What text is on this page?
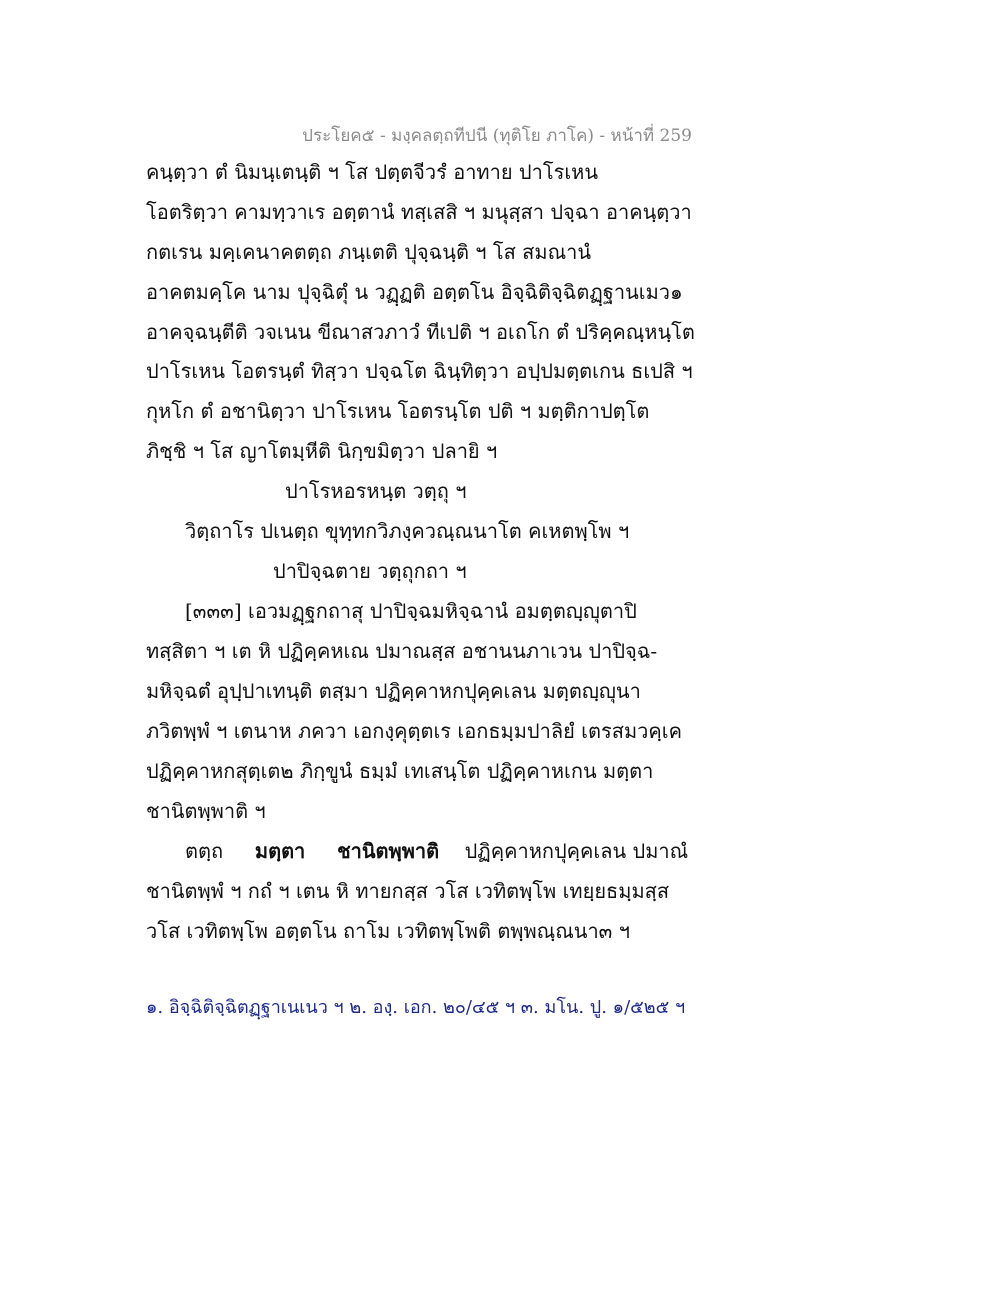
ประโยค๕ - มงฺคลตฺถทีปนี (ทุติโย ภาโค) - หน้าที่ 259
คนฺตฺวา ตํ นิมนฺเตนฺติ ฯ โส ปตฺตจีวรํ อาทาย ปาโรเหน
โอตริตฺวา คามทฺวาเร อตฺตานํ ทสฺเสสิ ฯ มนุสฺสา ปจฺฉา อาคนฺตฺวา
กตเรน มคฺเคนาคตตฺถ ภนฺเตติ ปุจฺฉนฺติ ฯ โส สมณานํ
อาคตมคฺโค นาม ปุจฺฉิตุํ น วฏฺฏติ อตฺตโน อิจฺฉิติจฺฉิตฏฺฐานเมว๑
อาคจฺฉนฺตีติ วจเนน ขีณาสวภาวํ ทีเปติ ฯ อเถโก ตํ ปริคฺคณฺหนฺโต
ปาโรเหน โอตรนฺตํ ทิสฺวา ปจฺฉโต ฉินฺทิตฺวา อปฺปมตฺตเกน ธเปสิ ฯ
กุหโก ตํ อชานิตฺวา ปาโรเหน โอตรนฺโต ปติ ฯ มตฺติกาปตฺโต
ภิชฺชิ ฯ โส ญาโตมฺหีติ นิกฺขมิตฺวา ปลายิ ฯ
ปาโรหอรหนฺต วตฺถุ ฯ
วิตฺถาโร ปเนตฺถ ขุทฺทกวิภงฺควณฺณนาโต คเหตพฺโพ ฯ
ปาปิจฺฉตาย วตฺถุกถา ฯ
[๓๓๓] เอวมฏฺฐกถาสุ ปาปิจฺฉมหิจฺฉานํ อมตฺตญฺญุตาปิ
ทสฺสิตา ฯ เต หิ ปฏิคฺคหเณ ปมาณสฺส อชานนภาเวน ปาปิจฺฉ-
มหิจฺฉตํ อุปฺปาเทนฺติ ตสฺมา ปฏิคฺคาหกปุคฺคเลน มตฺตญฺญุนา
ภวิตพฺพํ ฯ เตนาห ภควา เอกงฺคุตฺตเร เอกธมฺมปาลิยํ เตรสมวคฺเค
ปฏิคฺคาหกสุตฺเต๒ ภิกฺขูนํ ธมฺมํ เทเสนฺโต ปฏิคฺคาหเกน มตฺตา
ชานิตพฺพาติ ฯ
ตตฺถ มตฺตา ชานิตพฺพาติ ปฏิคฺคาหกปุคฺคเลน ปมาณํ
ชานิตพฺพํ ฯ กถํ ฯ เตน หิ ทายกสฺส วโส เวทิตพฺโพ เทยฺยธมฺมสฺส
วโส เวทิตพฺโพ อตฺตโน ถาโม เวทิตพฺโพติ ตพฺพณฺณนา๓ ฯ
๑. อิจฺฉิติจฺฉิตฏฺฐาเนเนว ฯ ๒. องฺ. เอก. ๒๐/๔๕ ฯ ๓. มโน. ปู. ๑/๕๒๕ ฯ
